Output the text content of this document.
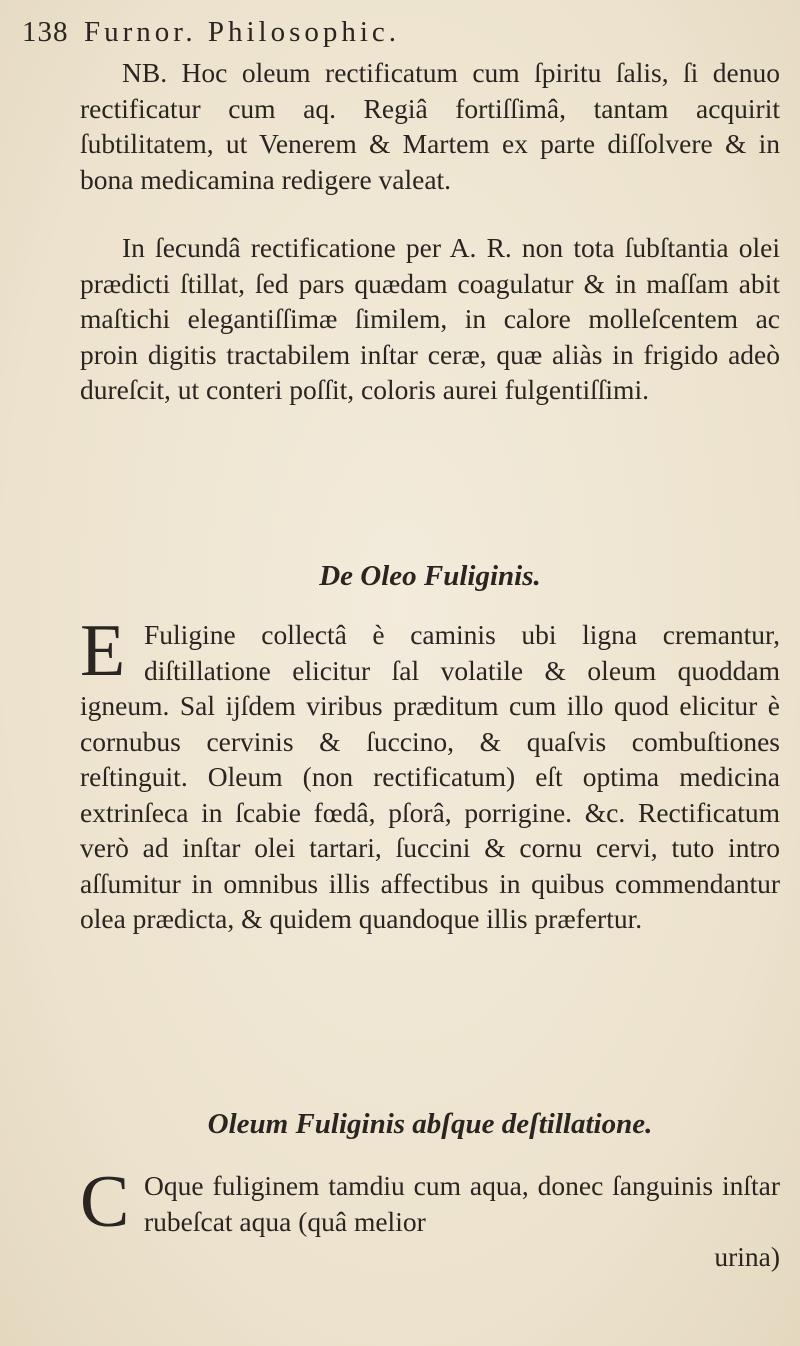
138 Furnor. Philosophic.

NB. Hoc oleum rectificatum cum ſpiritu ſalis, ſi denuo rectificatur cum aq. Regiâ fortiſſimâ, tantam acquirit ſubtilitatem, ut Venerem & Martem ex parte diſſolvere & in bona medicamina redigere valeat.

In ſecundâ rectificatione per A. R. non tota ſubſtantia olei prædicti ſtillat, ſed pars quædam coagulatur & in maſſam abit maſtichi elegantiſſimæ ſimilem, in calore molleſcentem ac proin digitis tractabilem inſtar ceræ, quæ aliàs in frigido adeò dureſcit, ut conteri poſſit, coloris aurei fulgentiſſimi.

De Oleo Fuliginis.
E Fuligine collectâ è caminis ubi ligna cremantur, diſtillatione elicitur ſal volatile & oleum quoddam igneum. Sal ijſdem viribus præditum cum illo quod elicitur è cornubus cervinis & ſuccino, & quaſvis combuſtiones reſtinguit. Oleum (non rectificatum) eſt optima medicina extrinſeca in ſcabie fœdâ, pſorâ, porrigine. &c. Rectificatum verò ad inſtar olei tartari, ſuccini & cornu cervi, tuto intro aſſumitur in omnibus illis affectibus in quibus commendantur olea prædicta, & quidem quandoque illis præfertur.

Oleum Fuliginis abſque deſtillatione.
C Oque fuliginem tamdiu cum aqua, donec ſanguinis inſtar rubeſcat aqua (quâ melior

urina)
